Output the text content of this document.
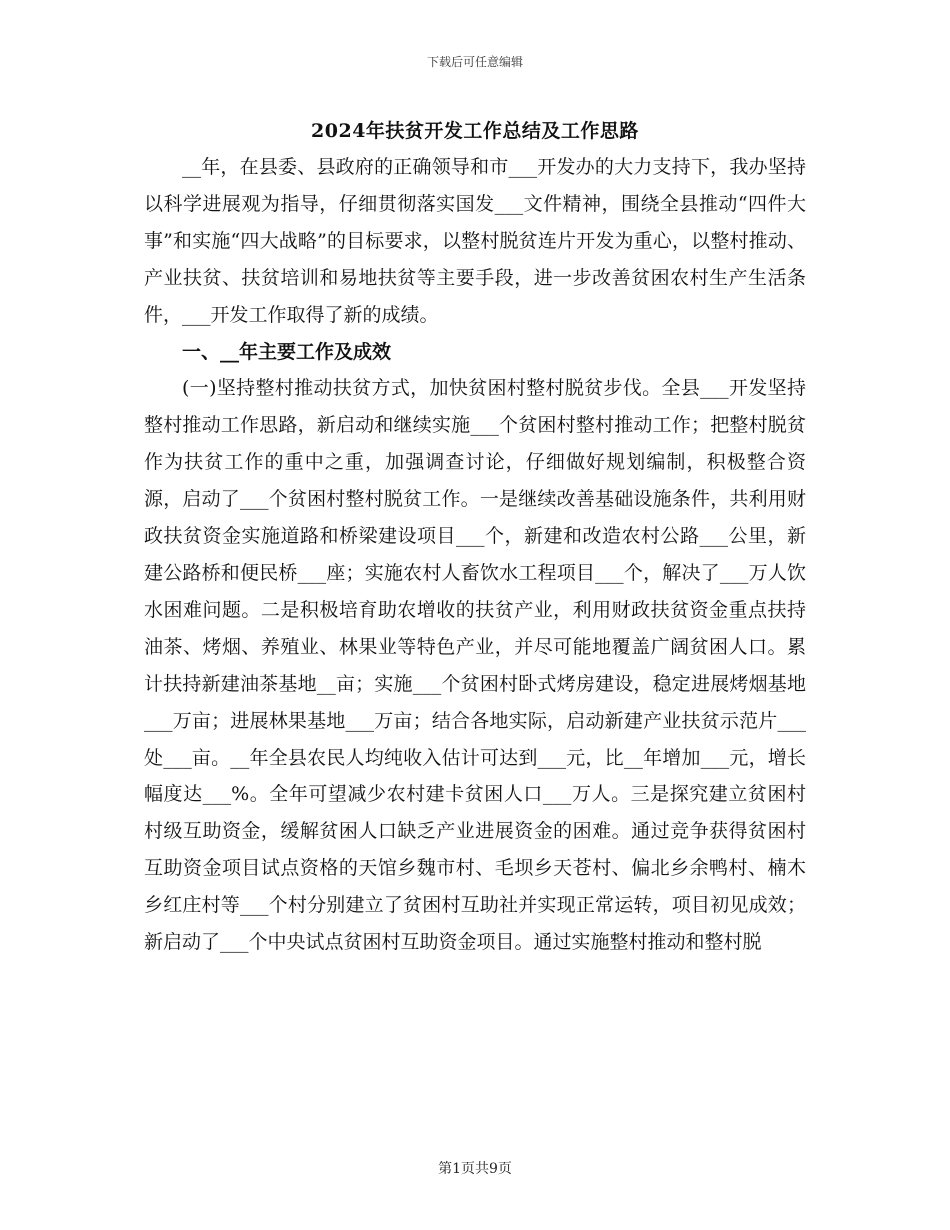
下载后可任意编辑
2024年扶贫开发工作总结及工作思路

__年，在县委、县政府的正确领导和市___开发办的大力支持下，我办坚持以科学进展观为指导，仔细贯彻落实国发___文件精神，围绕全县推动“四件大事”和实施“四大战略”的目标要求，以整村脱贫连片开发为重心，以整村推动、产业扶贫、扶贫培训和易地扶贫等主要手段，进一步改善贫困农村生产生活条件，___开发工作取得了新的成绩。

一、__年主要工作及成效

(一)坚持整村推动扶贫方式，加快贫困村整村脱贫步伐。全县___开发坚持整村推动工作思路，新启动和继续实施___个贫困村整村推动工作；把整村脱贫作为扶贫工作的重中之重，加强调查讨论，仔细做好规划编制，积极整合资源，启动了___个贫困村整村脱贫工作。一是继续改善基础设施条件，共利用财政扶贫资金实施道路和桥梁建设项目___个，新建和改造农村公路___公里，新建公路桥和便民桥___座；实施农村人畜饮水工程项目___个，解决了___万人饮水困难问题。二是积极培育助农增收的扶贫产业，利用财政扶贫资金重点扶持油茶、烤烟、养殖业、林果业等特色产业，并尽可能地覆盖广阔贫困人口。累计扶持新建油茶基地__亩；实施___个贫困村卧式烤房建设，稳定进展烤烟基地___万亩；进展林果基地___万亩；结合各地实际，启动新建产业扶贫示范片___处___亩。__年全县农民人均纯收入估计可达到___元，比__年增加___元，增长幅度达___%。全年可望减少农村建卡贫困人口___万人。三是探究建立贫困村村级互助资金，缓解贫困人口缺乏产业进展资金的困难。通过竞争获得贫困村互助资金项目试点资格的天馆乡魏市村、毛坝乡天苍村、偏北乡余鸭村、楠木乡红庄村等___个村分别建立了贫困村互助社并实现正常运转，项目初见成效；新启动了___个中央试点贫困村互助资金项目。通过实施整村推动和整村脱

第1页共9页
